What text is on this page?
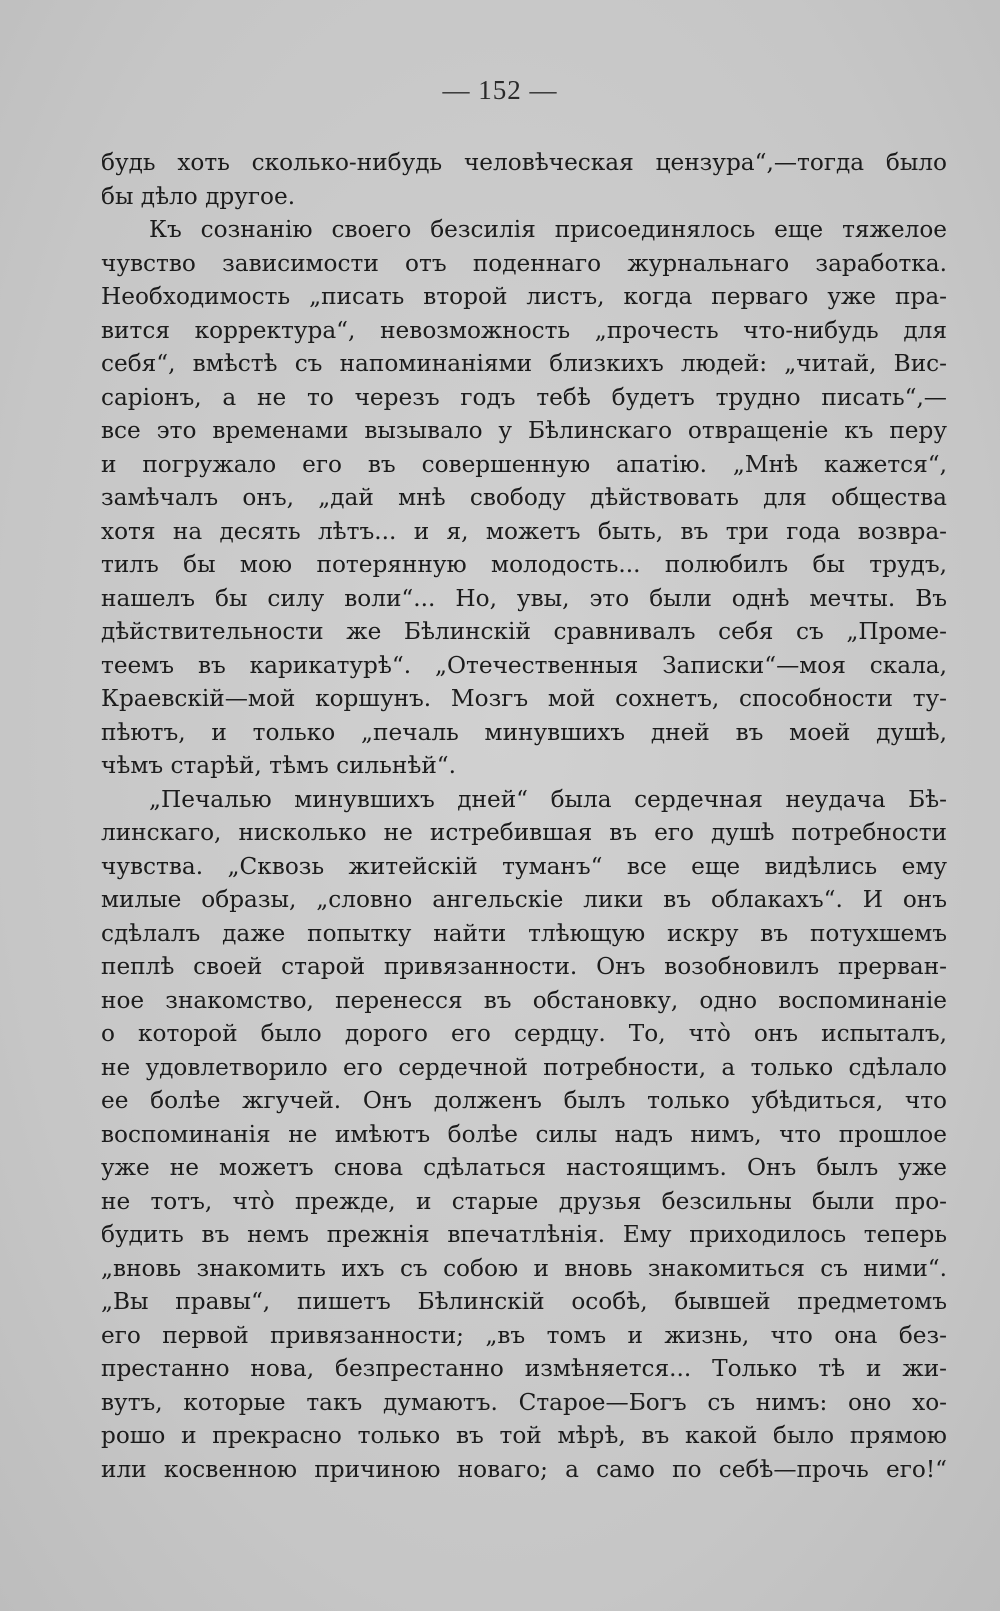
— 152 —
будь хоть сколько-нибудь человѣческая цензура“,—тогда было
бы дѣло другое.
Къ сознанію своего безсилія присоединялось еще тяжелое
чувство зависимости отъ поденнаго журнальнаго заработка.
Необходимость „писать второй листъ, когда перваго уже пра-
вится корректура“, невозможность „прочесть что-нибудь для
себя“, вмѣстѣ съ напоминаніями близкихъ людей: „читай, Вис-
саріонъ, а не то черезъ годъ тебѣ будетъ трудно писать“,—
все это временами вызывало у Бѣлинскаго отвращеніе къ перу
и погружало его въ совершенную апатію. „Мнѣ кажется“,
замѣчалъ онъ, „дай мнѣ свободу дѣйствовать для общества
хотя на десять лѣтъ... и я, можетъ быть, въ три года возвра-
тилъ бы мою потерянную молодость... полюбилъ бы трудъ,
нашелъ бы силу воли“... Но, увы, это были однѣ мечты. Въ
дѣйствительности же Бѣлинскій сравнивалъ себя съ „Проме-
теемъ въ карикатурѣ“. „Отечественныя Записки“—моя скала,
Краевскій—мой коршунъ. Мозгъ мой сохнетъ, способности ту-
пѣютъ, и только „печаль минувшихъ дней въ моей душѣ,
чѣмъ старѣй, тѣмъ сильнѣй“.
„Печалью минувшихъ дней“ была сердечная неудача Бѣ-
линскаго, нисколько не истребившая въ его душѣ потребности
чувства. „Сквозь житейскій туманъ“ все еще видѣлись ему
милые образы, „словно ангельскіе лики въ облакахъ“. И онъ
сдѣлалъ даже попытку найти тлѣющую искру въ потухшемъ
пеплѣ своей старой привязанности. Онъ возобновилъ прерван-
ное знакомство, перенесся въ обстановку, одно воспоминаніе
о которой было дорого его сердцу. То, что̀ онъ испыталъ,
не удовлетворило его сердечной потребности, а только сдѣлало
ее болѣе жгучей. Онъ долженъ былъ только убѣдиться, что
воспоминанія не имѣютъ болѣе силы надъ нимъ, что прошлое
уже не можетъ снова сдѣлаться настоящимъ. Онъ былъ уже
не тотъ, что̀ прежде, и старые друзья безсильны были про-
будить въ немъ прежнія впечатлѣнія. Ему приходилось теперь
„вновь знакомить ихъ съ собою и вновь знакомиться съ ними“.
„Вы правы“, пишетъ Бѣлинскій особѣ, бывшей предметомъ
его первой привязанности; „въ томъ и жизнь, что она без-
престанно нова, безпрестанно измѣняется... Только тѣ и жи-
вутъ, которые такъ думаютъ. Старое—Богъ съ нимъ: оно хо-
рошо и прекрасно только въ той мѣрѣ, въ какой было прямою
или косвенною причиною новаго; а само по себѣ—прочь его!“
